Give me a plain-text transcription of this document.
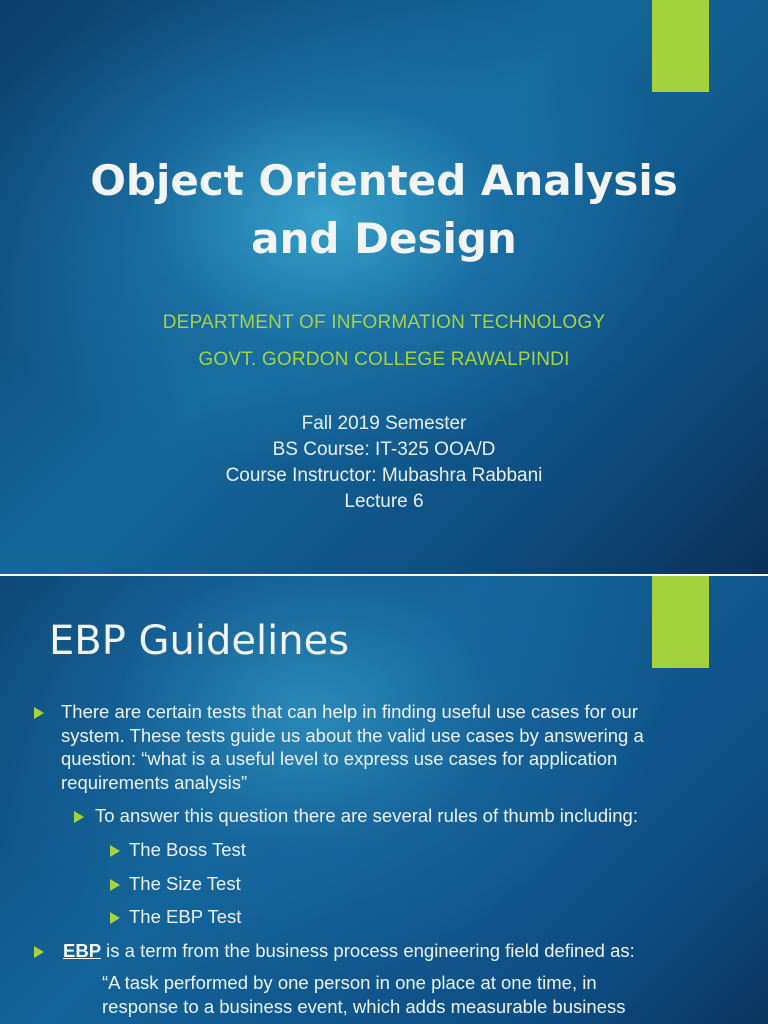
Object Oriented Analysis
and Design
DEPARTMENT OF INFORMATION TECHNOLOGY
GOVT. GORDON COLLEGE RAWALPINDI
Fall 2019 Semester
BS Course: IT-325 OOA/D
Course Instructor: Mubashra Rabbani
Lecture 6
EBP Guidelines
There are certain tests that can help in finding useful use cases for our
system. These tests guide us about the valid use cases by answering a
question: “what is a useful level to express use cases for application
requirements analysis”
To answer this question there are several rules of thumb including:
The Boss Test
The Size Test
The EBP Test
EBP is a term from the business process engineering field defined as:
“A task performed by one person in one place at one time, in
response to a business event, which adds measurable business
